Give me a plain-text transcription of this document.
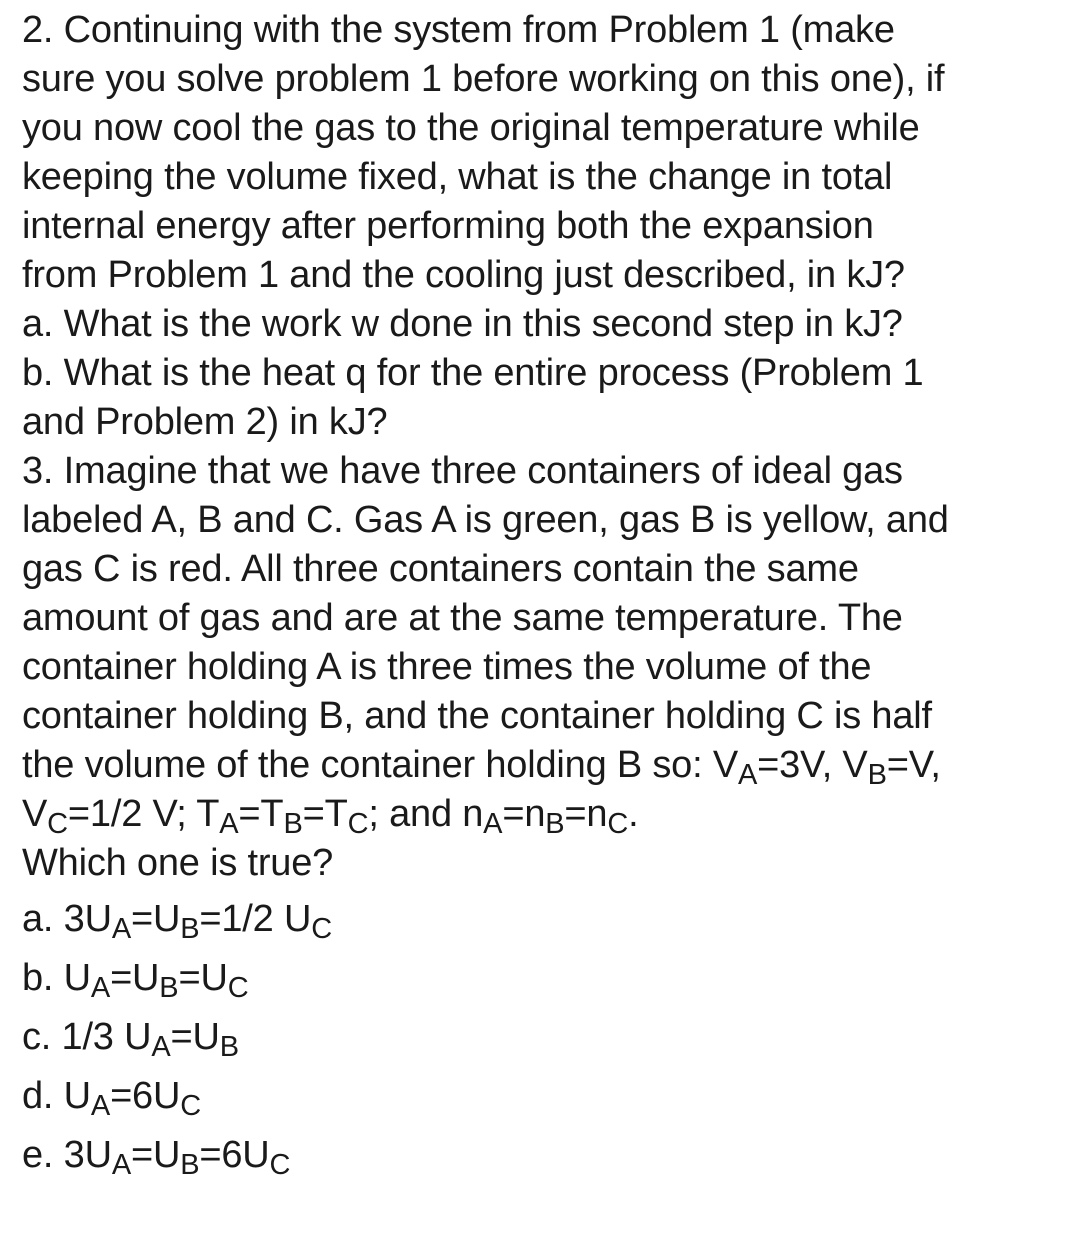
2. Continuing with the system from Problem 1 (make
sure you solve problem 1 before working on this one), if
you now cool the gas to the original temperature while
keeping the volume fixed, what is the change in total
internal energy after performing both the expansion
from Problem 1 and the cooling just described, in kJ?
a. What is the work w done in this second step in kJ?
b. What is the heat q for the entire process (Problem 1
and Problem 2) in kJ?
3. Imagine that we have three containers of ideal gas
labeled A, B and C. Gas A is green, gas B is yellow, and
gas C is red. All three containers contain the same
amount of gas and are at the same temperature. The
container holding A is three times the volume of the
container holding B, and the container holding C is half
the volume of the container holding B so: $V_A=3V$, $V_B=V$,
$V_C=1/2$ V; $T_A=T_B=T_C$; and $n_A=n_B=n_C$.
Which one is true?
a. $3U_A=U_B=1/2$ $U_C$
b. $U_A=U_B=U_C$
c. 1/3 $U_A=U_B$
d. $U_A=6U_C$
e. $3U_A=U_B=6U_C$
